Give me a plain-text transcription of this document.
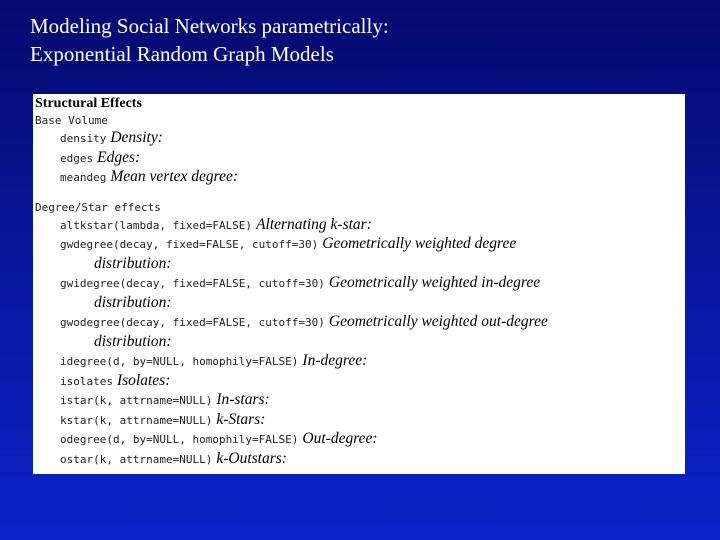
Modeling Social Networks parametrically:
Exponential Random Graph Models
Structural Effects
Base Volume
density Density:
edges Edges:
meandeg Mean vertex degree:
Degree/Star effects
altkstar(lambda, fixed=FALSE) Alternating k-star:
gwdegree(decay, fixed=FALSE, cutoff=30) Geometrically weighted degree
distribution:
gwidegree(decay, fixed=FALSE, cutoff=30) Geometrically weighted in-degree
distribution:
gwodegree(decay, fixed=FALSE, cutoff=30) Geometrically weighted out-degree
distribution:
idegree(d, by=NULL, homophily=FALSE) In-degree:
isolates Isolates:
istar(k, attrname=NULL) In-stars:
kstar(k, attrname=NULL) k-Stars:
odegree(d, by=NULL, homophily=FALSE) Out-degree:
ostar(k, attrname=NULL) k-Outstars:
